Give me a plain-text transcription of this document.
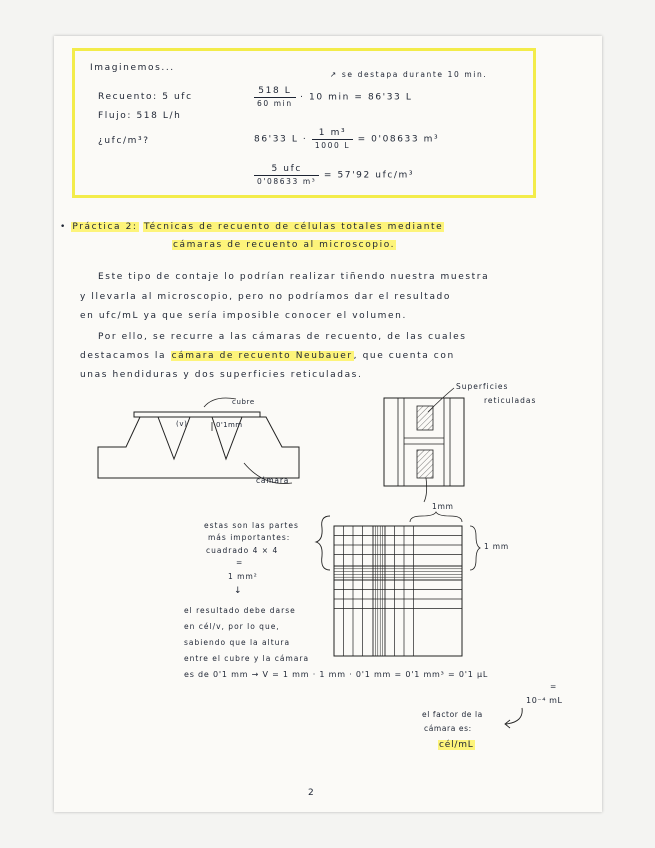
Imaginemos...
Recuento: 5 ufc
Flujo: 518 L/h
¿ufc/m³?
↗ se destapa durante 10 min.
$\frac{518 L}{60 \min} \cdot 10$ min = 86'33 L
86'33 $L \cdot \frac{\text{1 m³}}{1000 L} = 0'08633$ m³
$\frac{\text{5 ufc}}{\text{0'08633 m³}} = 57'92$ ufc/m³
• Práctica 2: Técnicas de recuento de células totales mediante
cámaras de recuento al microscopio.
Este tipo de contaje lo podrían realizar tiñendo nuestra muestra
y llevarla al microscopio, pero no podríamos dar el resultado
en ufc/mL ya que sería imposible conocer el volumen.
Por ello, se recurre a las cámaras de recuento, de las cuales
destacamos la cámara de recuento Neubauer, que cuenta con
unas hendiduras y dos superficies reticuladas.
cubre
(v)	0'1mm
cámara
Superficies
reticuladas
estas son las partes
más importantes:
cuadrado 4 × 4
=
1 mm²
↓
1mm
1 mm
el resultado debe darse
en cél/v, por lo que,
sabiendo que la altura
entre el cubre y la cámara
es de 0'1 mm → V = 1 mm · 1 mm · 0'1 mm = 0'1 mm³ = 0'1 µL
=
10⁻⁴ mL
el factor de la
cámara es:
cél/mL
2
